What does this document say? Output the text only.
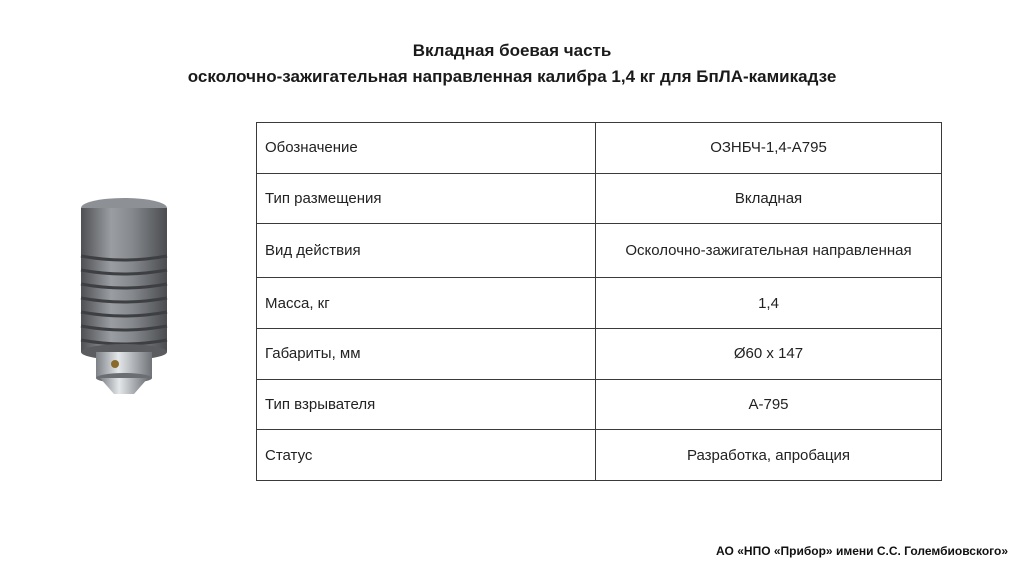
Вкладная боевая часть
осколочно-зажигательная направленная калибра 1,4 кг для БпЛА-камикадзе
Обозначение	ОЗНБЧ-1,4-А795
Тип размещения	Вкладная
Вид действия	Осколочно-зажигательная направленная
Масса, кг	1,4
Габариты, мм	Ø60 x 147
Тип взрывателя	А-795
Статус	Разработка, апробация
АО «НПО «Прибор» имени С.С. Голембиовского»
